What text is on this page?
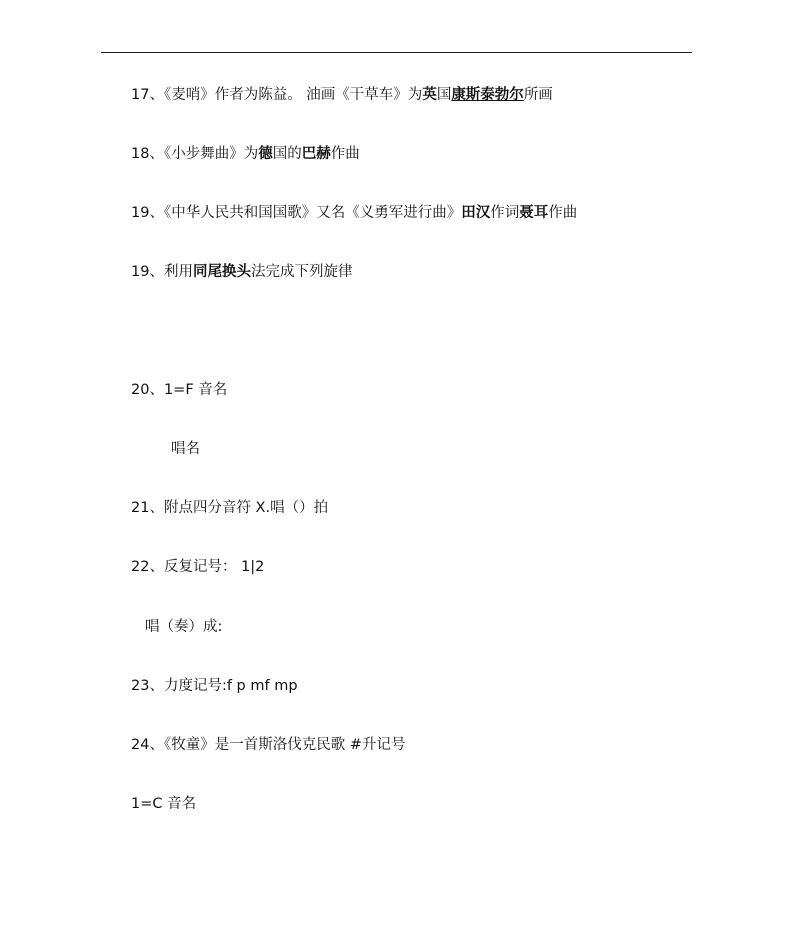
17、《麦哨》作者为陈益。 油画《干草车》为英国康斯泰勃尔所画
18、《小步舞曲》为德国的巴赫作曲
19、《中华人民共和国国歌》又名《义勇军进行曲》田汉作词聂耳作曲
19、利用同尾换头法完成下列旋律
20、1=F 音名
唱名
21、附点四分音符 X.唱（）拍
22、反复记号： 1|2
唱（奏）成:
23、力度记号:f p mf mp
24、《牧童》是一首斯洛伐克民歌 #升记号
1=C 音名
